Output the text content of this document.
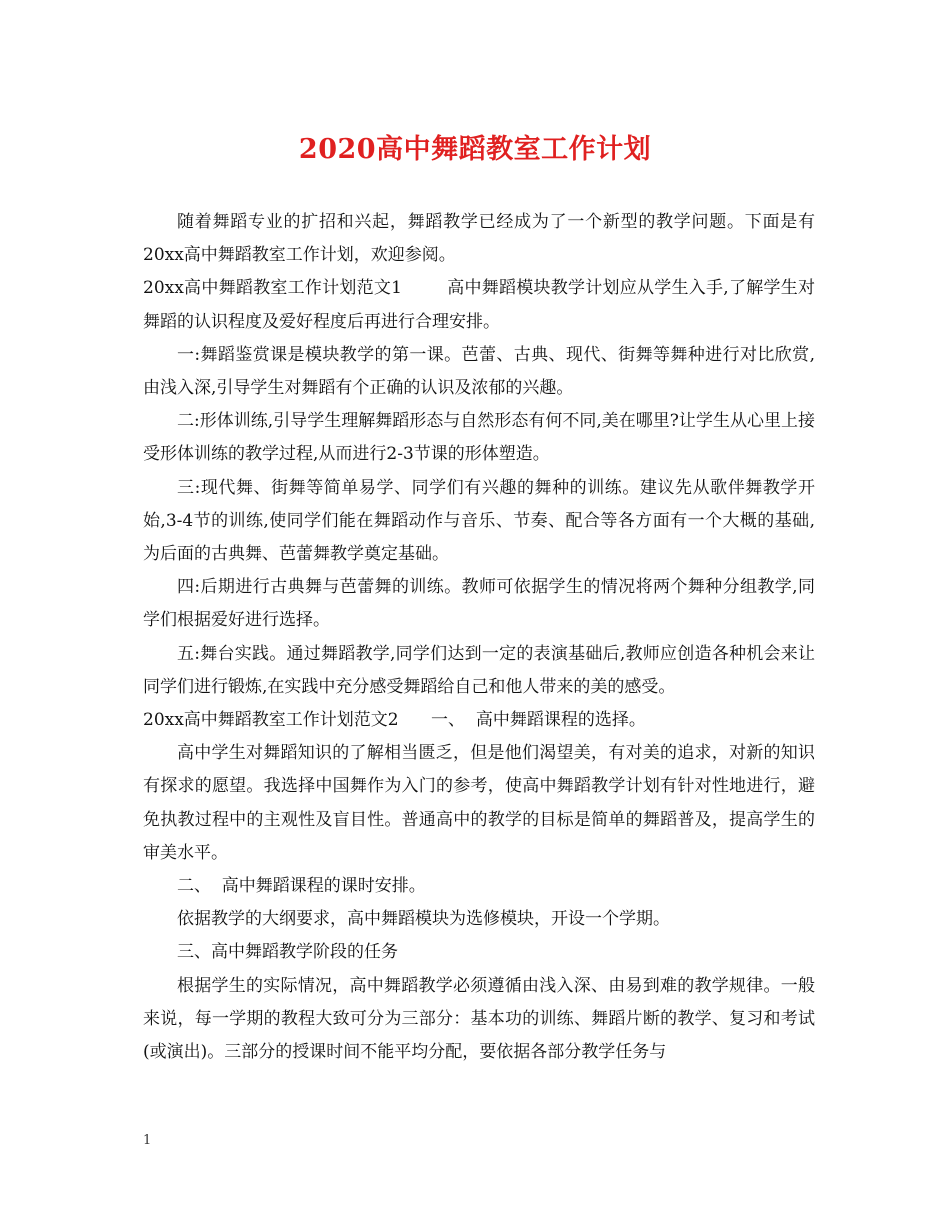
2020高中舞蹈教室工作计划

随着舞蹈专业的扩招和兴起，舞蹈教学已经成为了一个新型的教学问题。下面是有20xx高中舞蹈教室工作计划，欢迎参阅。

20xx高中舞蹈教室工作计划范文1        高中舞蹈模块教学计划应从学生入手,了解学生对舞蹈的认识程度及爱好程度后再进行合理安排。

一:舞蹈鉴赏课是模块教学的第一课。芭蕾、古典、现代、街舞等舞种进行对比欣赏,由浅入深,引导学生对舞蹈有个正确的认识及浓郁的兴趣。

二:形体训练,引导学生理解舞蹈形态与自然形态有何不同,美在哪里?让学生从心里上接受形体训练的教学过程,从而进行2-3节课的形体塑造。

三:现代舞、街舞等简单易学、同学们有兴趣的舞种的训练。建议先从歌伴舞教学开始,3-4节的训练,使同学们能在舞蹈动作与音乐、节奏、配合等各方面有一个大概的基础,为后面的古典舞、芭蕾舞教学奠定基础。

四:后期进行古典舞与芭蕾舞的训练。教师可依据学生的情况将两个舞种分组教学,同学们根据爱好进行选择。

五:舞台实践。通过舞蹈教学,同学们达到一定的表演基础后,教师应创造各种机会来让同学们进行锻炼,在实践中充分感受舞蹈给自己和他人带来的美的感受。

20xx高中舞蹈教室工作计划范文2      一、  高中舞蹈课程的选择。

高中学生对舞蹈知识的了解相当匮乏，但是他们渴望美，有对美的追求，对新的知识有探求的愿望。我选择中国舞作为入门的参考，使高中舞蹈教学计划有针对性地进行，避免执教过程中的主观性及盲目性。普通高中的教学的目标是简单的舞蹈普及，提高学生的审美水平。

二、  高中舞蹈课程的课时安排。

依据教学的大纲要求，高中舞蹈模块为选修模块，开设一个学期。

三、高中舞蹈教学阶段的任务

根据学生的实际情况，高中舞蹈教学必须遵循由浅入深、由易到难的教学规律。一般来说，每一学期的教程大致可分为三部分：基本功的训练、舞蹈片断的教学、复习和考试(或演出)。三部分的授课时间不能平均分配，要依据各部分教学任务与

1
